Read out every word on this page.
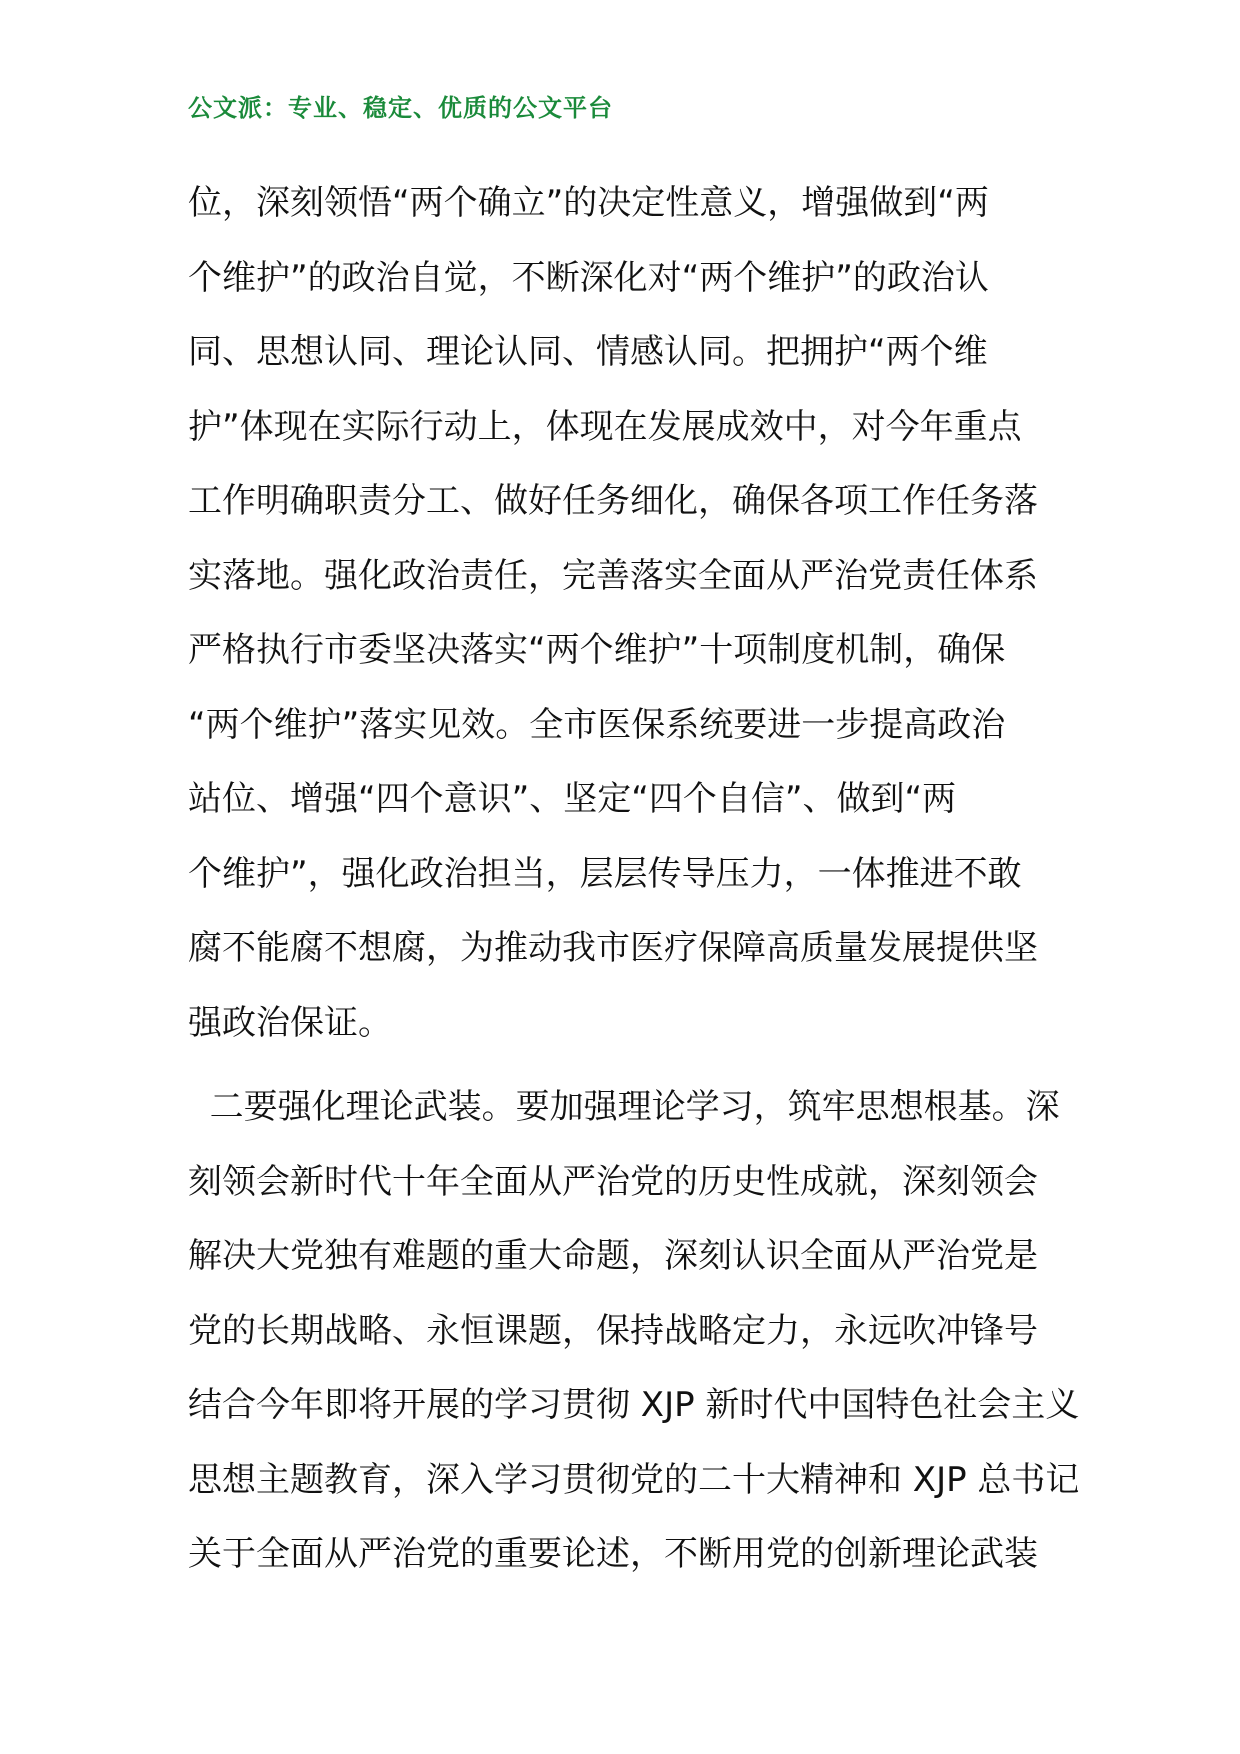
公文派：专业、稳定、优质的公文平台
位，深刻领悟“两个确立”的决定性意义，增强做到“两
个维护”的政治自觉，不断深化对“两个维护”的政治认
同、思想认同、理论认同、情感认同。把拥护“两个维
护”体现在实际行动上，体现在发展成效中，对今年重点
工作明确职责分工、做好任务细化，确保各项工作任务落
实落地。强化政治责任，完善落实全面从严治党责任体系
严格执行市委坚决落实“两个维护”十项制度机制，确保
“两个维护”落实见效。全市医保系统要进一步提高政治
站位、增强“四个意识”、坚定“四个自信”、做到“两
个维护”，强化政治担当，层层传导压力，一体推进不敢
腐不能腐不想腐，为推动我市医疗保障高质量发展提供坚
强政治保证。
二要强化理论武装。要加强理论学习，筑牢思想根基。深
刻领会新时代十年全面从严治党的历史性成就，深刻领会
解决大党独有难题的重大命题，深刻认识全面从严治党是
党的长期战略、永恒课题，保持战略定力，永远吹冲锋号
结合今年即将开展的学习贯彻 XJP 新时代中国特色社会主义
思想主题教育，深入学习贯彻党的二十大精神和 XJP 总书记
关于全面从严治党的重要论述，不断用党的创新理论武装
